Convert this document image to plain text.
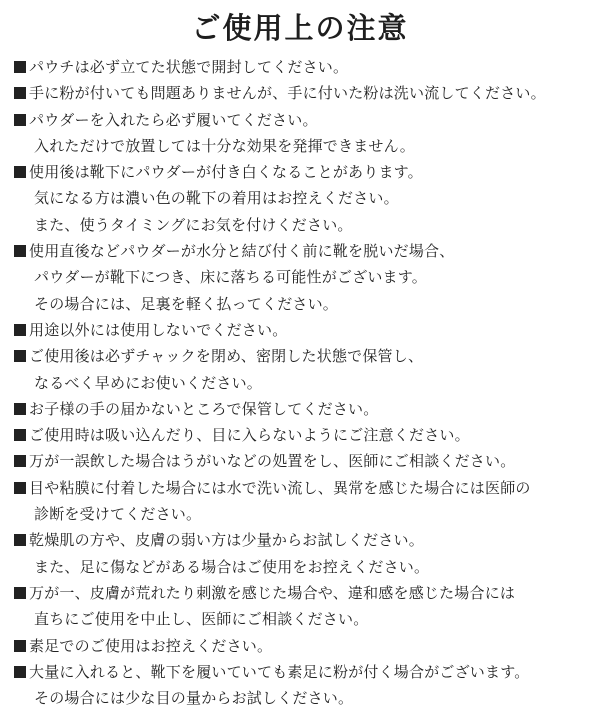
ご使用上の注意
パウチは必ず立てた状態で開封してください。
手に粉が付いても問題ありませんが、手に付いた粉は洗い流してください。
パウダーを入れたら必ず履いてください。
入れただけで放置しては十分な効果を発揮できません。
使用後は靴下にパウダーが付き白くなることがあります。
気になる方は濃い色の靴下の着用はお控えください。
また、使うタイミングにお気を付けください。
使用直後などパウダーが水分と結び付く前に靴を脱いだ場合、
パウダーが靴下につき、床に落ちる可能性がございます。
その場合には、足裏を軽く払ってください。
用途以外には使用しないでください。
ご使用後は必ずチャックを閉め、密閉した状態で保管し、
なるべく早めにお使いください。
お子様の手の届かないところで保管してください。
ご使用時は吸い込んだり、目に入らないようにご注意ください。
万が一誤飲した場合はうがいなどの処置をし、医師にご相談ください。
目や粘膜に付着した場合には水で洗い流し、異常を感じた場合には医師の
診断を受けてください。
乾燥肌の方や、皮膚の弱い方は少量からお試しください。
また、足に傷などがある場合はご使用をお控えください。
万が一、皮膚が荒れたり刺激を感じた場合や、違和感を感じた場合には
直ちにご使用を中止し、医師にご相談ください。
素足でのご使用はお控えください。
大量に入れると、靴下を履いていても素足に粉が付く場合がございます。
その場合には少な目の量からお試しください。
